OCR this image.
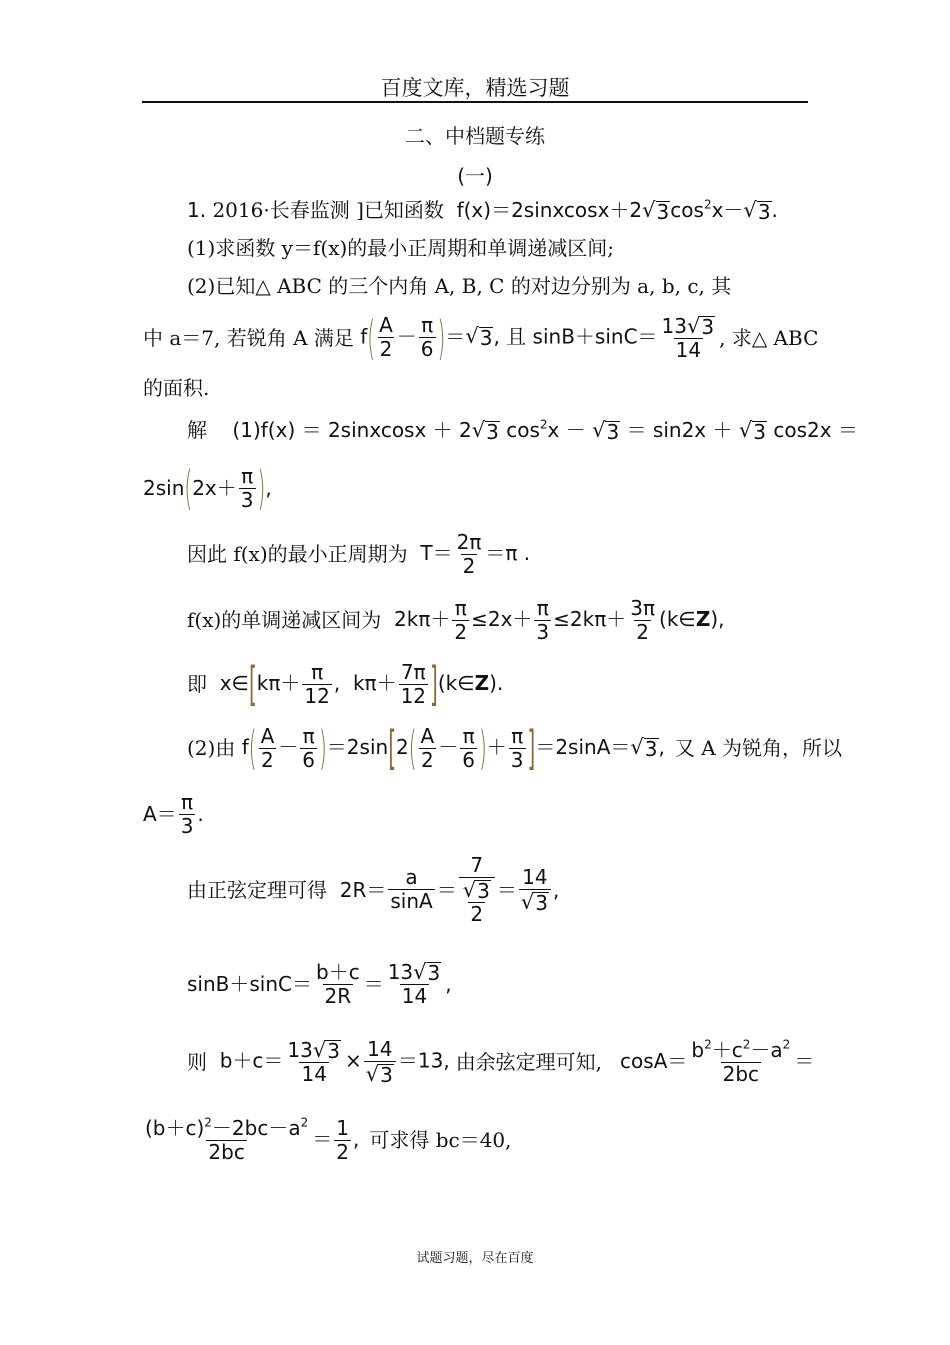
百度文库，精选习题
二、中档题专练
(一)
1. 2016·长春监测 ]已知函数  f(x)＝2sinxcosx＋2 √ 3 $\cos^2x-$ √ 3 .
(1)求函数 y＝f(x)的最小正周期和单调递减区间;
(2)已知△ ABC 的三个内角 A, B, C 的对边分别为 a, b, c, 其
中 a＝7, 若锐角 A 满足 $f( \frac{A}{2} - \frac{\pi}{6}$ )＝ √ 3 , 且 $\sin B+\sin C= \frac{13 √ 3}{14}$ , 求△ ABC
的面积.
解    (1)f(x) ＝ 2sinxcosx ＋ 2 √ 3 $\cos^2x$ － √ 3 ＝ sin2x ＋ √ 3 cos2x ＝
2sin ( $2x+ \frac{\pi}{3}$ ) ,
因此 f(x)的最小正周期为 $T= \frac{2\pi}{2} =\pi$ .
f(x)的单调递减区间为 $2k\pi+ \frac{\pi}{2} \le 2x+ \frac{\pi}{3} \le 2k\pi+ \frac{3\pi}{2}$ (k∈Z),
即 x∈[kπ＋ $\frac{\pi}{12}$ ,  $k\pi+ \frac{7\pi}{12}$ ](k∈Z).
(2)由 $f( \frac{A}{2} - \frac{\pi}{6} )=2\sin[2( \frac{A}{2} - \frac{\pi}{6}$ )＋ $\frac{\pi}{3} ]=2\sin A=$ √ 3 , 又 A 为锐角，所以
$A= \frac{\pi}{3}$ .
由正弦定理可得 $2R= \frac{a}{\sin A} = \frac{7}{\frac{√ 3}{2}} = \frac{14}{√ 3}$ ,
$\sin B+\sin C= \frac{b+c}{2R} = \frac{13 √ 3}{14}$ ,
则 $b+c= \frac{13 √ 3}{14} \times \frac{14}{√ 3} =13$, 由余弦定理可知, $\cos A= \frac{b^2+c^2-a^2}{2bc}$ ＝
$\frac{(b+c)^2-2bc-a^2}{2bc} = \frac{1}{2}$ , 可求得 bc＝40,
试题习题，尽在百度
